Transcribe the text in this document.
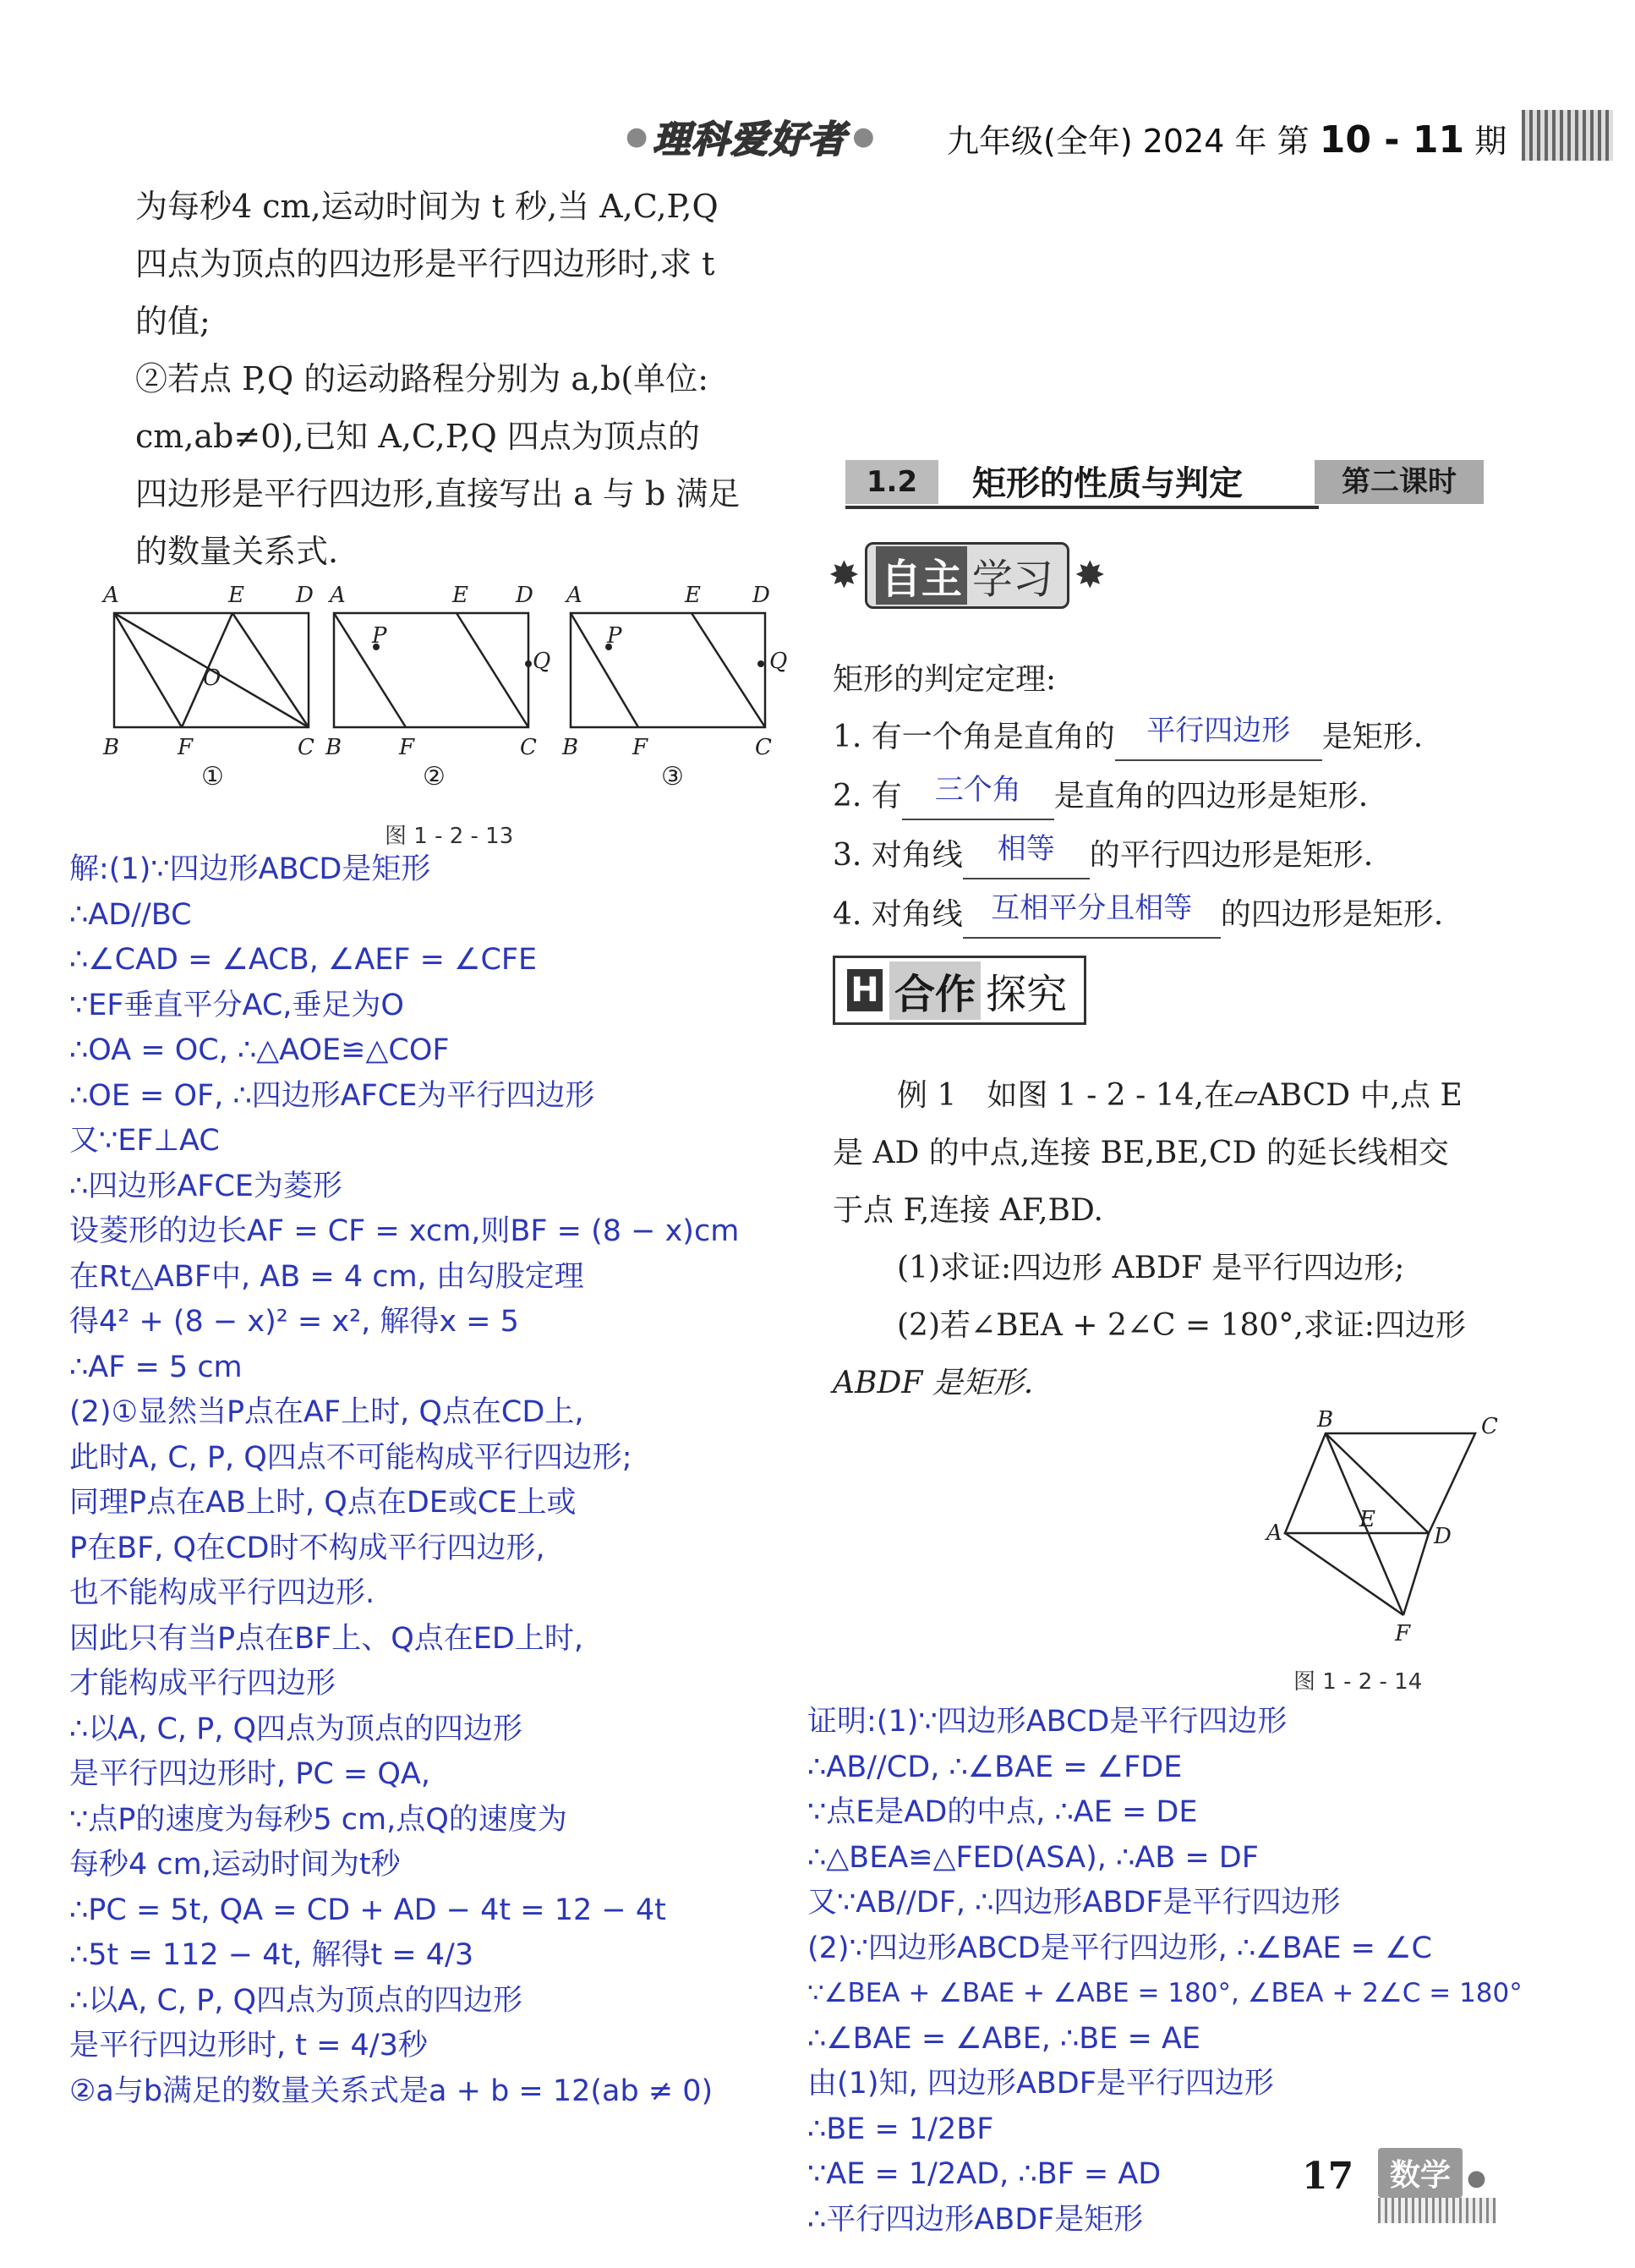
● 理科爱好者 ● 九年级(全年) 2024 年 第 10 - 11 期
为每秒4 cm,运动时间为 t 秒,当 A,C,P,Q
四点为顶点的四边形是平行四边形时,求 t
的值;
②若点 P,Q 的运动路程分别为 a,b(单位:
cm,ab≠0),已知 A,C,P,Q 四点为顶点的
四边形是平行四边形,直接写出 a 与 b 满足
的数量关系式.
A	E D
B	F	C
O
A	E D
B	F	C
P
Q
A	E D
B F	C
P
Q
①	②	③
图 1 - 2 - 13
解:(1)∵四边形ABCD是矩形
∴AD//BC
∴∠CAD = ∠ACB, ∠AEF = ∠CFE
∵EF垂直平分AC,垂足为O
∴OA = OC, ∴△AOE≌△COF
∴OE = OF, ∴四边形AFCE为平行四边形
又∵EF⊥AC
∴四边形AFCE为菱形
设菱形的边长AF = CF = xcm,则BF = (8 − x)cm
在Rt△ABF中, AB = 4 cm, 由勾股定理
得4² + (8 − x)² = x², 解得x = 5
∴AF = 5 cm
(2)①显然当P点在AF上时, Q点在CD上,
此时A, C, P, Q四点不可能构成平行四边形;
同理P点在AB上时, Q点在DE或CE上或
P在BF, Q在CD时不构成平行四边形,
也不能构成平行四边形.
因此只有当P点在BF上、Q点在ED上时,
才能构成平行四边形
∴以A, C, P, Q四点为顶点的四边形
是平行四边形时, PC = QA,
∵点P的速度为每秒5 cm,点Q的速度为
每秒4 cm,运动时间为t秒
∴PC = 5t, QA = CD + AD − 4t = 12 − 4t
∴5t = 112 − 4t, 解得t = 4/3
∴以A, C, P, Q四点为顶点的四边形
是平行四边形时, t = 4/3秒
②a与b满足的数量关系式是a + b = 12(ab ≠ 0)
1.2	矩形的性质与判定	第二课时
✸ 自主 学习 ✸
矩形的判定定理:
1. 有一个角是直角的 平行四边形 是矩形.
2. 有 三个角 是直角的四边形是矩形.
3. 对角线 相等 的平行四边形是矩形.
4. 对角线 互相平分且相等 的四边形是矩形.
H 合作 探究
例 1　如图 1 - 2 - 14,在▱ABCD 中,点 E
是 AD 的中点,连接 BE,BE,CD 的延长线相交
于点 F,连接 AF,BD.
(1)求证:四边形 ABDF 是平行四边形;
(2)若∠BEA + 2∠C = 180°,求证:四边形
ABDF 是矩形.
B	C
A
E
D
F
图 1 - 2 - 14
证明:(1)∵四边形ABCD是平行四边形
∴AB//CD, ∴∠BAE = ∠FDE
∵点E是AD的中点, ∴AE = DE
∴△BEA≌△FED(ASA), ∴AB = DF
又∵AB//DF, ∴四边形ABDF是平行四边形
(2)∵四边形ABCD是平行四边形, ∴∠BAE = ∠C
∵∠BEA + ∠BAE + ∠ABE = 180°, ∠BEA + 2∠C = 180°
∴∠BAE = ∠ABE, ∴BE = AE
由(1)知, 四边形ABDF是平行四边形
∴BE = 1/2BF
∵AE = 1/2AD, ∴BF = AD
∴平行四边形ABDF是矩形
17	数学 ●
